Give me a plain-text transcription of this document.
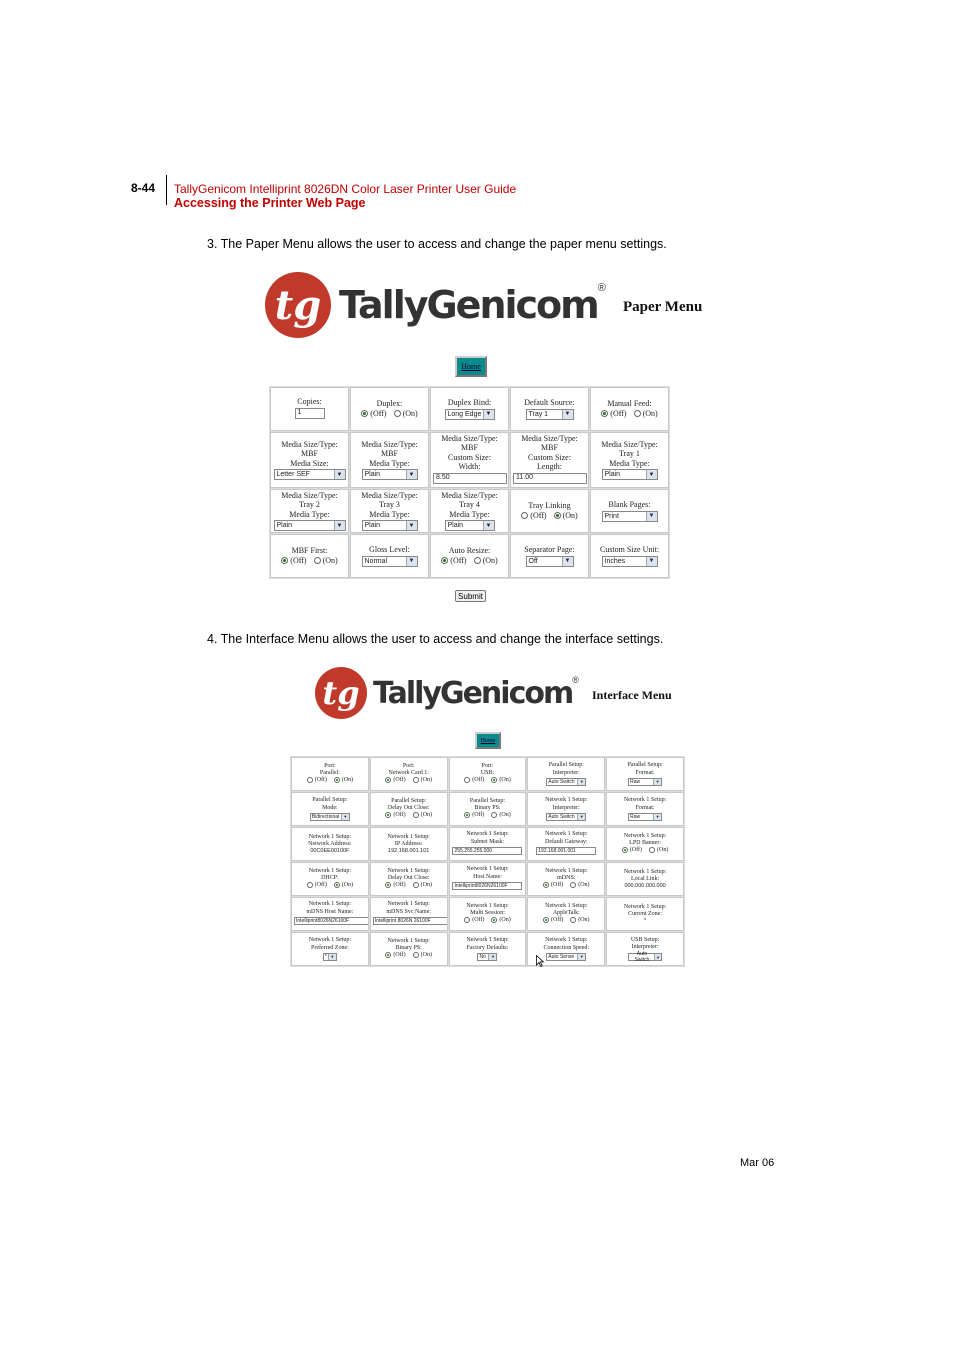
8-44 TallyGenicom Intelliprint 8026DN Color Laser Printer User Guide
Accessing the Printer Web Page
3. The Paper Menu allows the user to access and change the paper menu settings.
tg TallyGenicom ®
Paper Menu
Home
Copies:
1	Duplex:
(Off) (On)	Duplex Bind:
Long Edge ▼	Default Source:
Tray 1 ▼	Manual Feed:
(Off) (On)

Media Size/Type:
MBF
Media Size:
Letter SEF ▼	Media Size/Type:
MBF
Media Type:
Plain ▼	Media Size/Type:
MBF
Custom Size:
Width:
8.50	Media Size/Type:
MBF
Custom Size:
Length:
11.00	Media Size/Type:
Tray 1
Media Type:
Plain ▼

Media Size/Type:
Tray 2
Media Type:
Plain ▼	Media Size/Type:
Tray 3
Media Type:
Plain ▼	Media Size/Type:
Tray 4
Media Type:
Plain ▼	Tray Linking
(Off) (On)	Blank Pages:
Print ▼

MBF First:
(Off) (On)	Gloss Level:
Normal ▼	Auto Resize:
(Off) (On)	Separator Page:
Off ▼	Custom Size Unit:
Inches ▼
Submit
4. The Interface Menu allows the user to access and change the interface settings.
tg TallyGenicom ®
Interface Menu
Home
Port:
Parallel:
(Off) (On)	Port:
Network Card 1:
(Off) (On)	Port:
USB:
(Off) (On)	Parallel Setup:
Interpreter:
Auto Switch ▼	Parallel Setup:
Format:
Raw ▼

Parallel Setup:
Mode:
Bidirectional ▼	Parallel Setup:
Delay Out Close:
(Off) (On)	Parallel Setup:
Binary PS:
(Off) (On)	Network 1 Setup:
Interpreter:
Auto Switch ▼	Network 1 Setup:
Format:
Raw ▼

Network 1 Setup:
Network Address:
00C0EE00100F	Network 1 Setup:
IP Address:
192.168.001.101	Network 1 Setup:
Subnet Mask:
255.255.255.000	Network 1 Setup:
Default Gateway:
192.168.001.001	Network 1 Setup:
LPD Banner:
(Off) (On)

Network 1 Setup:
DHCP:
(Off) (On)	Network 1 Setup:
Delay Out Close:
(Off) (On)	Network 1 Setup:
Host Name:
Intelliprint8026N26100F	Network 1 Setup:
mDNS:
(Off) (On)	Network 1 Setup:
Local Link:
000.000.000.000

Network 1 Setup:
mDNS Host Name:
Intelliprint8026N26100F	Network 1 Setup:
mDNS Svc Name:
Intelliprint 8026N 26100F	Network 1 Setup:
Multi Session:
(Off) (On)	Network 1 Setup:
AppleTalk:
(Off) (On)	Network 1 Setup:
Current Zone:
*

Network 1 Setup:
Preferred Zone:
* ▼	Network 1 Setup:
Binary PS:
(Off) (On)	Network 1 Setup:
Factory Defaults:
No ▼	Network 1 Setup:
Connection Speed:
Auto Sense ▼	USB Setup:
Interpreter:
Auto Switch ▼
Mar 06
